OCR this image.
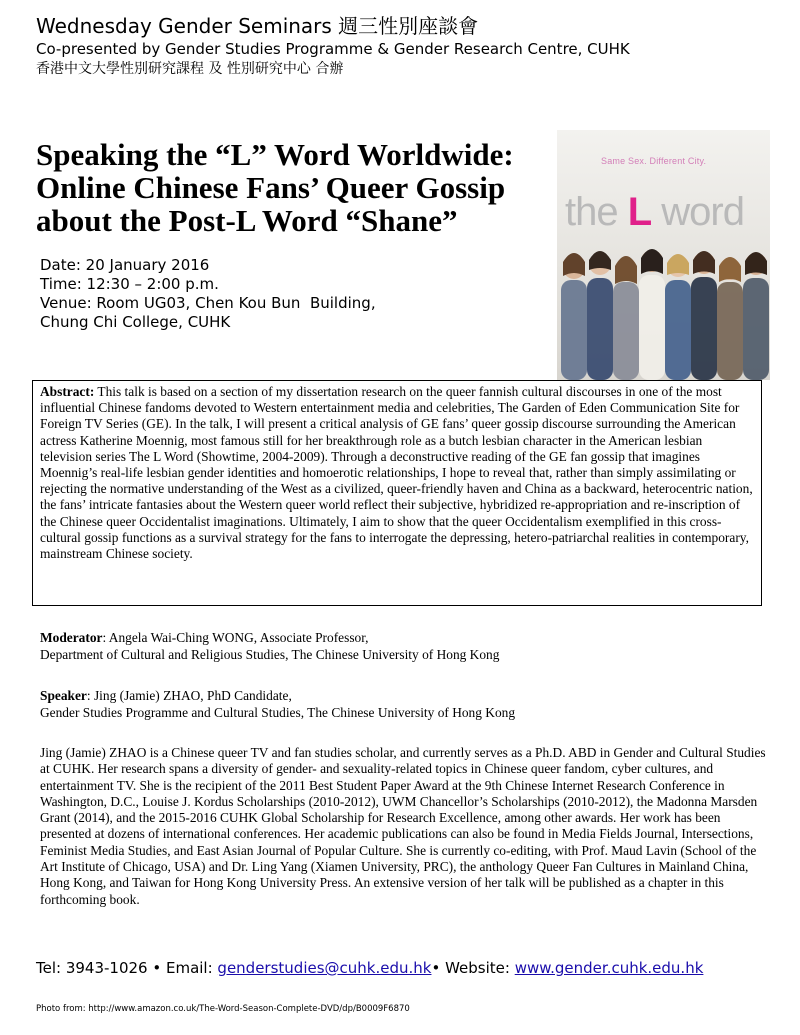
Wednesday Gender Seminars 週三性別座談會
Co-presented by Gender Studies Programme & Gender Research Centre, CUHK
香港中文大學性別研究課程 及 性別研究中心 合辦
Speaking the “L” Word Worldwide:
Online Chinese Fans’ Queer Gossip
about the Post-L Word “Shane”
Date: 20 January 2016
Time: 12:30 – 2:00 p.m.
Venue: Room UG03, Chen Kou Bun  Building,
Chung Chi College, CUHK
Same Sex. Different City.
the L word
Abstract: This talk is based on a section of my dissertation research on the queer fannish cultural discourses in one of the most influential Chinese fandoms devoted to Western entertainment media and celebrities, The Garden of Eden Communication Site for Foreign TV Series (GE). In the talk, I will present a critical analysis of GE fans’ queer gossip discourse surrounding the American actress Katherine Moennig, most famous still for her breakthrough role as a butch lesbian character in the American lesbian television series The L Word (Showtime, 2004-2009). Through a deconstructive reading of the GE fan gossip that imagines Moennig’s real-life lesbian gender identities and homoerotic relationships, I hope to reveal that, rather than simply assimilating or rejecting the normative understanding of the West as a civilized, queer-friendly haven and China as a backward, heterocentric nation, the fans’ intricate fantasies about the Western queer world reflect their subjective, hybridized re-appropriation and re-inscription of the Chinese queer Occidentalist imaginations. Ultimately, I aim to show that the queer Occidentalism exemplified in this cross-cultural gossip functions as a survival strategy for the fans to interrogate the depressing, hetero-patriarchal realities in contemporary, mainstream Chinese society.
Moderator: Angela Wai-Ching WONG, Associate Professor,
Department of Cultural and Religious Studies, The Chinese University of Hong Kong
Speaker: Jing (Jamie) ZHAO, PhD Candidate,
Gender Studies Programme and Cultural Studies, The Chinese University of Hong Kong
Jing (Jamie) ZHAO is a Chinese queer TV and fan studies scholar, and currently serves as a Ph.D. ABD in Gender and Cultural Studies at CUHK. Her research spans a diversity of gender- and sexuality-related topics in Chinese queer fandom, cyber cultures, and entertainment TV. She is the recipient of the 2011 Best Student Paper Award at the 9th Chinese Internet Research Conference in Washington, D.C., Louise J. Kordus Scholarships (2010-2012), UWM Chancellor’s Scholarships (2010-2012), the Madonna Marsden Grant (2014), and the 2015-2016 CUHK Global Scholarship for Research Excellence, among other awards. Her work has been presented at dozens of international conferences. Her academic publications can also be found in Media Fields Journal, Intersections, Feminist Media Studies, and East Asian Journal of Popular Culture. She is currently co-editing, with Prof. Maud Lavin (School of the Art Institute of Chicago, USA) and Dr. Ling Yang (Xiamen University, PRC), the anthology Queer Fan Cultures in Mainland China, Hong Kong, and Taiwan for Hong Kong University Press. An extensive version of her talk will be published as a chapter in this forthcoming book.
Tel: 3943-1026 • Email: genderstudies@cuhk.edu.hk• Website: www.gender.cuhk.edu.hk
Photo from: http://www.amazon.co.uk/The-Word-Season-Complete-DVD/dp/B0009F6870
